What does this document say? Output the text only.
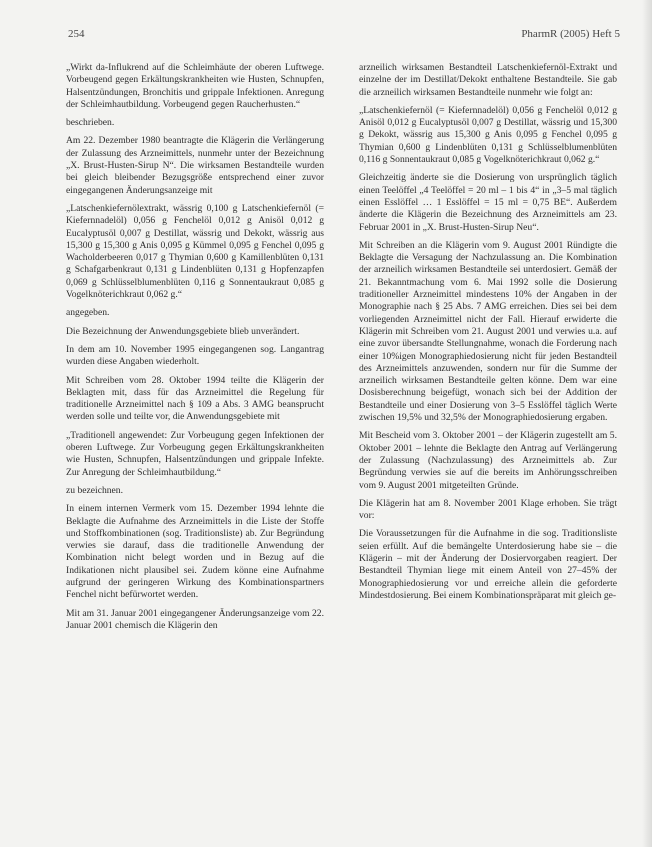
254	PharmR (2005) Heft 5

„Wirkt da-Influkrend auf die Schleimhäute der oberen Luftwege. Vorbeugend gegen Erkältungskrankheiten wie Husten, Schnupfen, Halsentzündungen, Bronchitis und grippale Infektionen. Anregung der Schleimhautbildung. Vorbeugend gegen Raucherhusten.“

beschrieben.

Am 22. Dezember 1980 beantragte die Klägerin die Verlängerung der Zulassung des Arzneimittels, nunmehr unter der Bezeichnung „X. Brust-Husten-Sirup N“. Die wirksamen Bestandteile wurden bei gleich bleibender Bezugsgröße entsprechend einer zuvor eingegangenen Änderungsanzeige mit

„Latschenkiefernölextrakt, wässrig 0,100 g Latschenkiefernöl (= Kiefernnadelöl) 0,056 g Fenchelöl 0,012 g Anisöl 0,012 g Eucalyptusöl 0,007 g Destillat, wässrig und Dekokt, wässrig aus 15,300 g 15,300 g Anis 0,095 g Kümmel 0,095 g Fenchel 0,095 g Wacholderbeeren 0,017 g Thymian 0,600 g Kamillenblüten 0,131 g Schafgarbenkraut 0,131 g Lindenblüten 0,131 g Hopfenzapfen 0,069 g Schlüsselblumenblüten 0,116 g Sonnentaukraut 0,085 g Vogelknöterichkraut 0,062 g.“

angegeben.

Die Bezeichnung der Anwendungsgebiete blieb unverändert.

In dem am 10. November 1995 eingegangenen sog. Langantrag wurden diese Angaben wiederholt.

Mit Schreiben vom 28. Oktober 1994 teilte die Klägerin der Beklagten mit, dass für das Arzneimittel die Regelung für traditionelle Arzneimittel nach § 109 a Abs. 3 AMG beansprucht werden solle und teilte vor, die Anwendungsgebiete mit

„Traditionell angewendet: Zur Vorbeugung gegen Infektionen der oberen Luftwege. Zur Vorbeugung gegen Erkältungskrankheiten wie Husten, Schnupfen, Halsentzündungen und grippale Infekte. Zur Anregung der Schleimhautbildung.“

zu bezeichnen.

In einem internen Vermerk vom 15. Dezember 1994 lehnte die Beklagte die Aufnahme des Arzneimittels in die Liste der Stoffe und Stoffkombinationen (sog. Traditionsliste) ab. Zur Begründung verwies sie darauf, dass die traditionelle Anwendung der Kombination nicht belegt worden und in Bezug auf die Indikationen nicht plausibel sei. Zudem könne eine Aufnahme aufgrund der geringeren Wirkung des Kombinationspartners Fenchel nicht befürwortet werden.

Mit am 31. Januar 2001 eingegangener Änderungsanzeige vom 22. Januar 2001 chemisch die Klägerin den

arzneilich wirksamen Bestandteil Latschenkiefernöl-Extrakt und einzelne der im Destillat/Dekokt enthaltene Bestandteile. Sie gab die arzneilich wirksamen Bestandteile nunmehr wie folgt an:

„Latschenkiefernöl (= Kiefernnadelöl) 0,056 g Fenchelöl 0,012 g Anisöl 0,012 g Eucalyptusöl 0,007 g Destillat, wässrig und 15,300 g Dekokt, wässrig aus 15,300 g Anis 0,095 g Fenchel 0,095 g Thymian 0,600 g Lindenblüten 0,131 g Schlüsselblumenblüten 0,116 g Sonnentaukraut 0,085 g Vogelknöterichkraut 0,062 g.“

Gleichzeitig änderte sie die Dosierung von ursprünglich täglich einen Teelöffel „4 Teelöffel = 20 ml – 1 bis 4“ in „3–5 mal täglich einen Esslöffel … 1 Esslöffel = 15 ml = 0,75 BE“. Außerdem änderte die Klägerin die Bezeichnung des Arzneimittels am 23. Februar 2001 in „X. Brust-Husten-Sirup Neu“.

Mit Schreiben an die Klägerin vom 9. August 2001 Ründigte die Beklagte die Versagung der Nachzulassung an. Die Kombination der arzneilich wirksamen Bestandteile sei unterdosiert. Gemäß der 21. Bekanntmachung vom 6. Mai 1992 solle die Dosierung traditioneller Arzneimittel mindestens 10% der Angaben in der Monographie nach § 25 Abs. 7 AMG erreichen. Dies sei bei dem vorliegenden Arzneimittel nicht der Fall. Hierauf erwiderte die Klägerin mit Schreiben vom 21. August 2001 und verwies u.a. auf eine zuvor übersandte Stellungnahme, wonach die Forderung nach einer 10%igen Monographiedosierung nicht für jeden Bestandteil des Arzneimittels anzuwenden, sondern nur für die Summe der arzneilich wirksamen Bestandteile gelten könne. Dem war eine Dosisberechnung beigefügt, wonach sich bei der Addition der Bestandteile und einer Dosierung von 3–5 Esslöffel täglich Werte zwischen 19,5% und 32,5% der Monographiedosierung ergaben.

Mit Bescheid vom 3. Oktober 2001 – der Klägerin zugestellt am 5. Oktober 2001 – lehnte die Beklagte den Antrag auf Verlängerung der Zulassung (Nachzulassung) des Arzneimittels ab. Zur Begründung verwies sie auf die bereits im Anhörungsschreiben vom 9. August 2001 mitgeteilten Gründe.

Die Klägerin hat am 8. November 2001 Klage erhoben. Sie trägt vor:

Die Voraussetzungen für die Aufnahme in die sog. Traditionsliste seien erfüllt. Auf die bemängelte Unterdosierung habe sie – die Klägerin – mit der Änderung der Dosiervorgaben reagiert. Der Bestandteil Thymian liege mit einem Anteil von 27–45% der Monographiedosierung vor und erreiche allein die geforderte Mindestdosierung. Bei einem Kombinationspräparat mit gleich ge-
